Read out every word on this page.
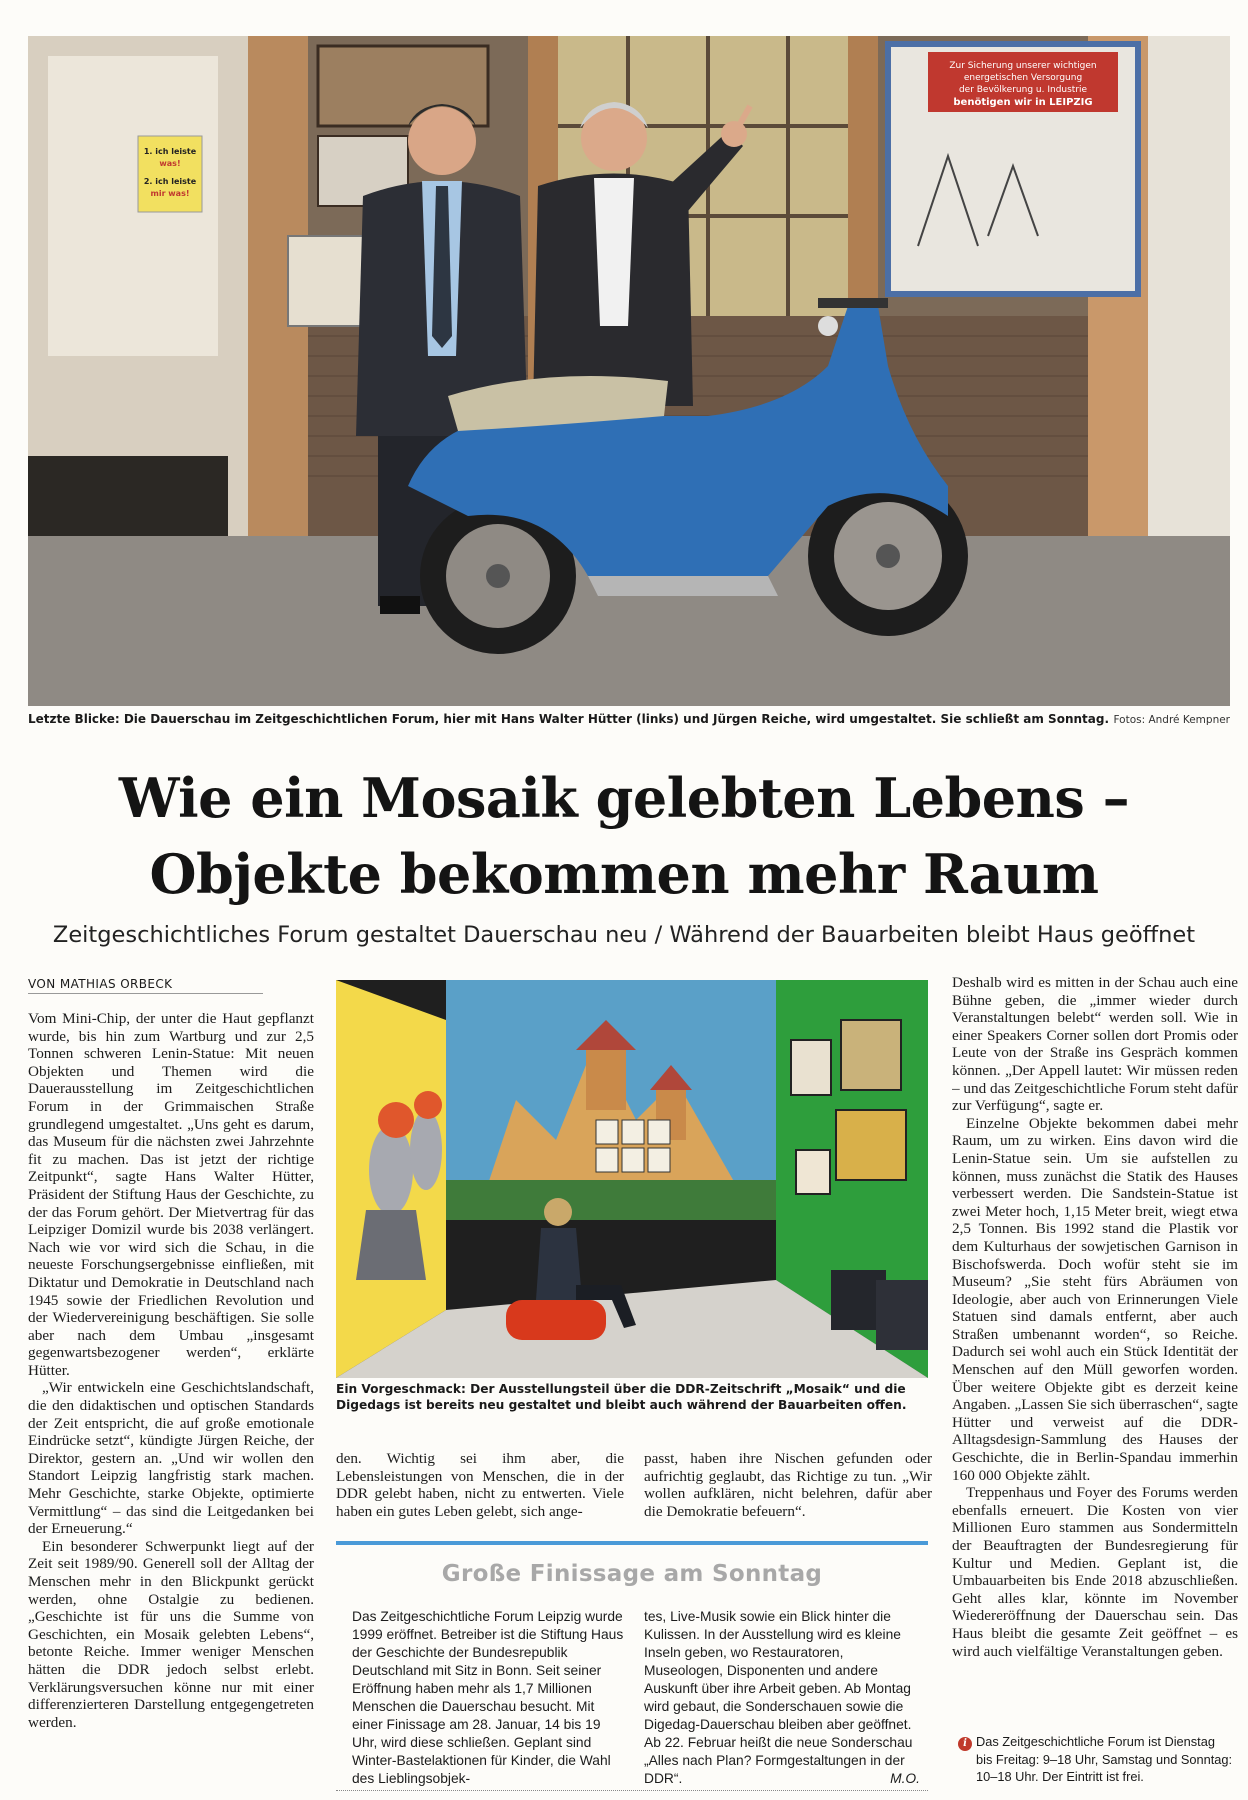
Zur Sicherung unserer wichtigen
energetischen Versorgung
der Bevölkerung u. Industrie
benötigen wir in LEIPZIG
1. ich leiste
was!
2. ich leiste
mir was!
Letzte Blicke: Die Dauerschau im Zeitgeschichtlichen Forum, hier mit Hans Walter Hütter (links) und Jürgen Reiche, wird umgestaltet. Sie schließt am Sonntag. Fotos: André Kempner
Wie ein Mosaik gelebten Lebens –
Objekte bekommen mehr Raum
Zeitgeschichtliches Forum gestaltet Dauerschau neu / Während der Bauarbeiten bleibt Haus geöffnet
VON MATHIAS ORBECK

Vom Mini-Chip, der unter die Haut gepflanzt wurde, bis hin zum Wartburg und zur 2,5 Tonnen schweren Lenin-Statue: Mit neuen Objekten und Themen wird die Dauerausstellung im Zeitgeschichtlichen Forum in der Grimmaischen Straße grundlegend umgestaltet. „Uns geht es darum, das Museum für die nächsten zwei Jahrzehnte fit zu machen. Das ist jetzt der richtige Zeitpunkt“, sagte Hans Walter Hütter, Präsident der Stiftung Haus der Geschichte, zu der das Forum gehört. Der Mietvertrag für das Leipziger Domizil wurde bis 2038 verlängert. Nach wie vor wird sich die Schau, in die neueste Forschungsergebnisse einfließen, mit Diktatur und Demokratie in Deutschland nach 1945 sowie der Friedlichen Revolution und der Wiedervereinigung beschäftigen. Sie solle aber nach dem Umbau „insgesamt gegenwartsbezogener werden“, erklärte Hütter.

„Wir entwickeln eine Geschichtslandschaft, die den didaktischen und optischen Standards der Zeit entspricht, die auf große emotionale Eindrücke setzt“, kündigte Jürgen Reiche, der Direktor, gestern an. „Und wir wollen den Standort Leipzig langfristig stark machen. Mehr Geschichte, starke Objekte, optimierte Vermittlung“ – das sind die Leitgedanken bei der Erneuerung.“

Ein besonderer Schwerpunkt liegt auf der Zeit seit 1989/90. Generell soll der Alltag der Menschen mehr in den Blickpunkt gerückt werden, ohne Ostalgie zu bedienen. „Geschichte ist für uns die Summe von Geschichten, ein Mosaik gelebten Lebens“, betonte Reiche. Immer weniger Menschen hätten die DDR jedoch selbst erlebt. Verklärungsversuchen könne nur mit einer differenzierteren Darstellung entgegengetreten werden.

Ein Vorgeschmack: Der Ausstellungsteil über die DDR-Zeitschrift „Mosaik“ und die Digedags ist bereits neu gestaltet und bleibt auch während der Bauarbeiten offen.
den. Wichtig sei ihm aber, die Lebensleistungen von Menschen, die in der DDR gelebt haben, nicht zu entwerten. Viele haben ein gutes Leben gelebt, sich ange-
passt, haben ihre Nischen gefunden oder aufrichtig geglaubt, das Richtige zu tun. „Wir wollen aufklären, nicht belehren, dafür aber die Demokratie befeuern“.
Große Finissage am Sonntag
Das Zeitgeschichtliche Forum Leipzig wurde 1999 eröffnet. Betreiber ist die Stiftung Haus der Geschichte der Bundesrepublik Deutschland mit Sitz in Bonn. Seit seiner Eröffnung haben mehr als 1,7 Millionen Menschen die Dauerschau besucht. Mit einer Finissage am 28. Januar, 14 bis 19 Uhr, wird diese schließen. Geplant sind Winter-Bastelaktionen für Kinder, die Wahl des Lieblingsobjek-
tes, Live-Musik sowie ein Blick hinter die Kulissen. In der Ausstellung wird es kleine Inseln geben, wo Restauratoren, Museologen, Disponenten und andere Auskunft über ihre Arbeit geben. Ab Montag wird gebaut, die Sonderschauen sowie die Digedag-Dauerschau bleiben aber geöffnet. Ab 22. Februar heißt die neue Sonderschau „Alles nach Plan? Formgestaltungen in der DDR“.	M.O.

Deshalb wird es mitten in der Schau auch eine Bühne geben, die „immer wieder durch Veranstaltungen belebt“ werden soll. Wie in einer Speakers Corner sollen dort Promis oder Leute von der Straße ins Gespräch kommen können. „Der Appell lautet: Wir müssen reden – und das Zeitgeschichtliche Forum steht dafür zur Verfügung“, sagte er.

Einzelne Objekte bekommen dabei mehr Raum, um zu wirken. Eins davon wird die Lenin-Statue sein. Um sie aufstellen zu können, muss zunächst die Statik des Hauses verbessert werden. Die Sandstein-Statue ist zwei Meter hoch, 1,15 Meter breit, wiegt etwa 2,5 Tonnen. Bis 1992 stand die Plastik vor dem Kulturhaus der sowjetischen Garnison in Bischofswerda. Doch wofür steht sie im Museum? „Sie steht fürs Abräumen von Ideologie, aber auch von Erinnerungen Viele Statuen sind damals entfernt, aber auch Straßen umbenannt worden“, so Reiche. Dadurch sei wohl auch ein Stück Identität der Menschen auf den Müll geworfen worden. Über weitere Objekte gibt es derzeit keine Angaben. „Lassen Sie sich überraschen“, sagte Hütter und verweist auf die DDR-Alltagsdesign-Sammlung des Hauses der Geschichte, die in Berlin-Spandau immerhin 160 000 Objekte zählt.

Treppenhaus und Foyer des Forums werden ebenfalls erneuert. Die Kosten von vier Millionen Euro stammen aus Sondermitteln der Beauftragten der Bundesregierung für Kultur und Medien. Geplant ist, die Umbauarbeiten bis Ende 2018 abzuschließen. Geht alles klar, könnte im November Wiedereröffnung der Dauerschau sein. Das Haus bleibt die gesamte Zeit geöffnet – es wird auch vielfältige Veranstaltungen geben.

i Das Zeitgeschichtliche Forum ist Dienstag
bis Freitag: 9–18 Uhr, Samstag und Sonntag: 10–18 Uhr. Der Eintritt ist frei.
